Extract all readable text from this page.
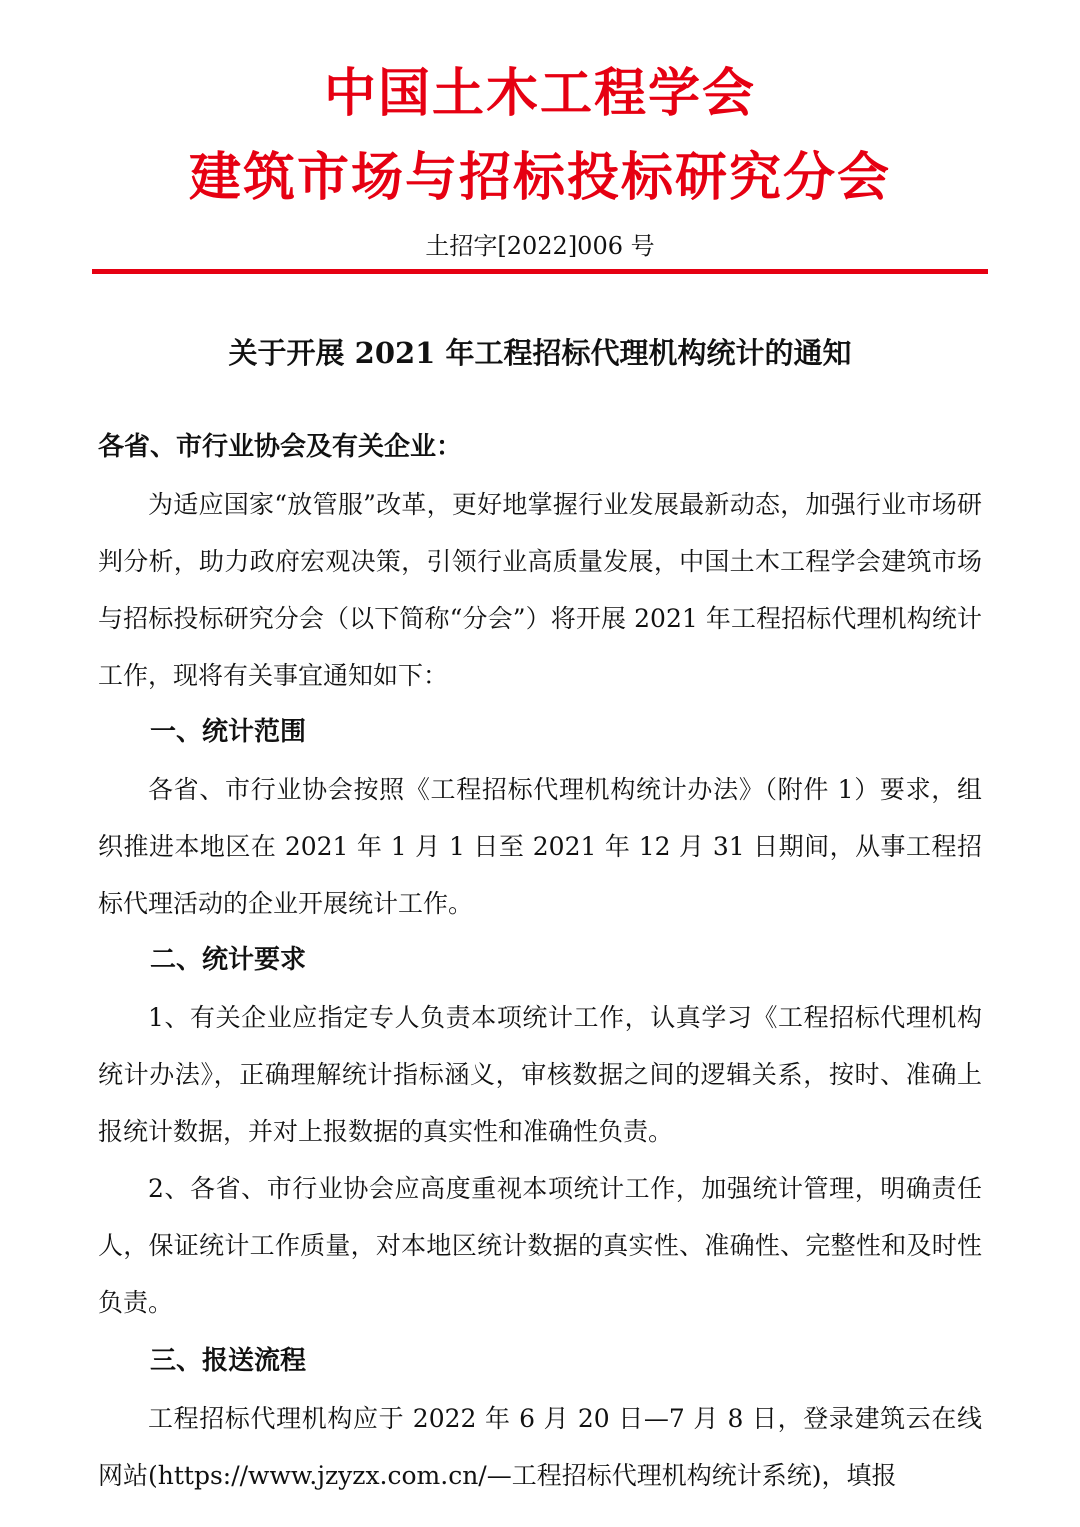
中国土木工程学会
建筑市场与招标投标研究分会
土招字[2022]006 号
关于开展 2021 年工程招标代理机构统计的通知
各省、市行业协会及有关企业：

为适应国家“放管服”改革，更好地掌握行业发展最新动态，加强行业市场研判分析，助力政府宏观决策，引领行业高质量发展，中国土木工程学会建筑市场与招标投标研究分会（以下简称“分会”）将开展 2021 年工程招标代理机构统计工作，现将有关事宜通知如下：

一、统计范围

各省、市行业协会按照《工程招标代理机构统计办法》（附件 1）要求，组织推进本地区在 2021 年 1 月 1 日至 2021 年 12 月 31 日期间，从事工程招标代理活动的企业开展统计工作。

二、统计要求

1、有关企业应指定专人负责本项统计工作，认真学习《工程招标代理机构统计办法》，正确理解统计指标涵义，审核数据之间的逻辑关系，按时、准确上报统计数据，并对上报数据的真实性和准确性负责。

2、各省、市行业协会应高度重视本项统计工作，加强统计管理，明确责任人，保证统计工作质量，对本地区统计数据的真实性、准确性、完整性和及时性负责。

三、报送流程

工程招标代理机构应于 2022 年 6 月 20 日—7 月 8 日，登录建筑云在线网站(https://www.jzyzx.com.cn/—工程招标代理机构统计系统)，填报
